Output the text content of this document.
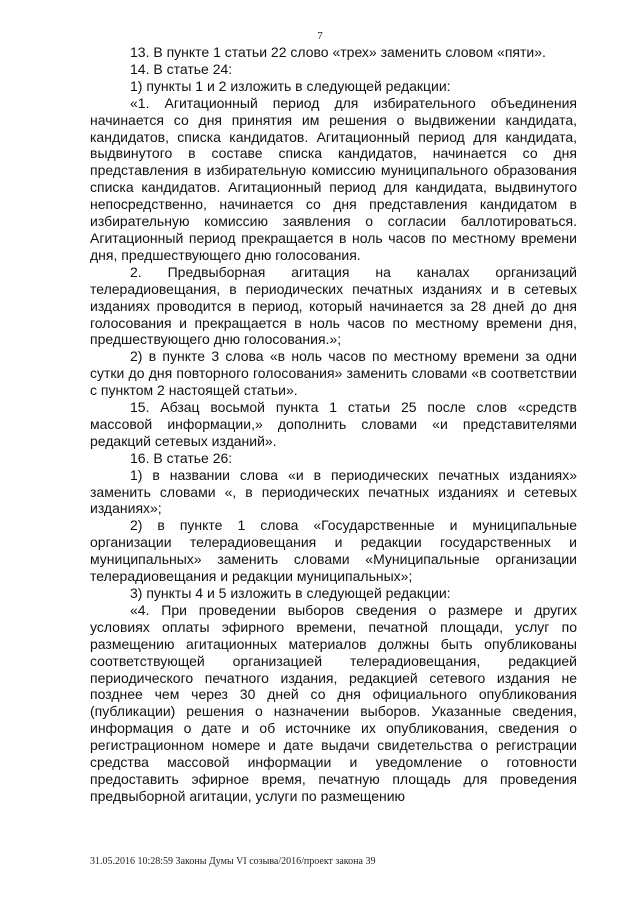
7

13. В пункте 1 статьи 22 слово «трех» заменить словом «пяти».

14. В статье 24:

1) пункты 1 и 2 изложить в следующей редакции:

«1. Агитационный период для избирательного объединения начинается со дня принятия им решения о выдвижении кандидата, кандидатов, списка кандидатов. Агитационный период для кандидата, выдвинутого в составе списка кандидатов, начинается со дня представления в избирательную комиссию муниципального образования списка кандидатов. Агитационный период для кандидата, выдвинутого непосредственно, начинается со дня представления кандидатом в избирательную комиссию заявления о согласии баллотироваться. Агитационный период прекращается в ноль часов по местному времени дня, предшествующего дню голосования.

2. Предвыборная агитация на каналах организаций телерадиовещания, в периодических печатных изданиях и в сетевых изданиях проводится в период, который начинается за 28 дней до дня голосования и прекращается в ноль часов по местному времени дня, предшествующего дню голосования.»;

2) в пункте 3 слова «в ноль часов по местному времени за одни сутки до дня повторного голосования» заменить словами «в соответствии с пунктом 2 настоящей статьи».

15. Абзац восьмой пункта 1 статьи 25 после слов «средств массовой информации,» дополнить словами «и представителями редакций сетевых изданий».

16. В статье 26:

1) в названии слова «и в периодических печатных изданиях» заменить словами «, в периодических печатных изданиях и сетевых изданиях»;

2) в пункте 1 слова «Государственные и муниципальные организации телерадиовещания и редакции государственных и муниципальных» заменить словами «Муниципальные организации телерадиовещания и редакции муниципальных»;

3) пункты 4 и 5 изложить в следующей редакции:

«4. При проведении выборов сведения о размере и других условиях оплаты эфирного времени, печатной площади, услуг по размещению агитационных материалов должны быть опубликованы соответствующей организацией телерадиовещания, редакцией периодического печатного издания, редакцией сетевого издания не позднее чем через 30 дней со дня официального опубликования (публикации) решения о назначении выборов. Указанные сведения, информация о дате и об источнике их опубликования, сведения о регистрационном номере и дате выдачи свидетельства о регистрации средства массовой информации и уведомление о готовности предоставить эфирное время, печатную площадь для проведения предвыборной агитации, услуги по размещению

31.05.2016 10:28:59 Законы Думы VI созыва/2016/проект закона 39
